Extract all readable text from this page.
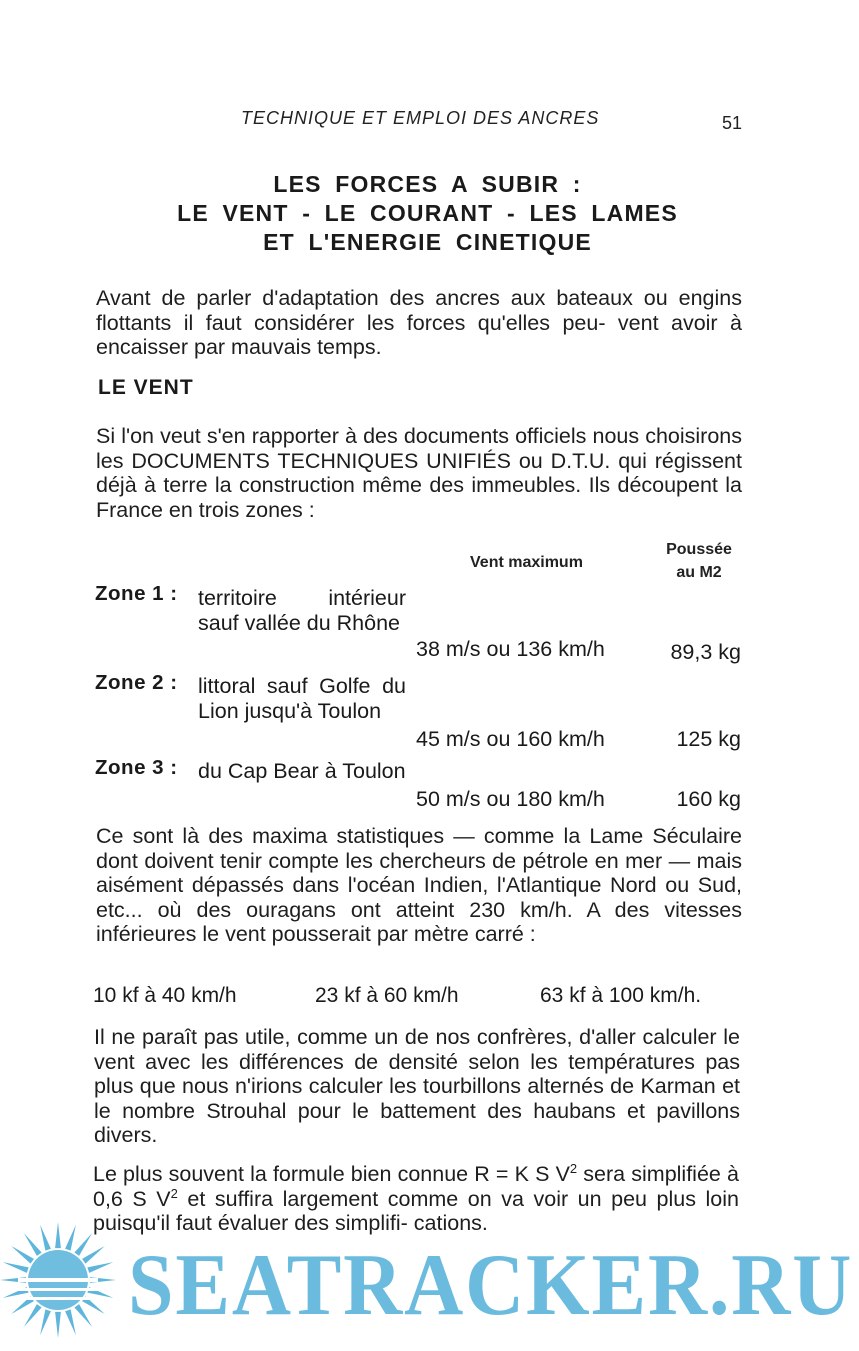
TECHNIQUE ET EMPLOI DES ANCRES	51
LES FORCES A SUBIR :
LE VENT - LE COURANT - LES LAMES
ET L'ENERGIE CINETIQUE

Avant de parler d'adaptation des ancres aux bateaux ou engins flottants il faut considérer les forces qu'elles peu- vent avoir à encaisser par mauvais temps.

LE VENT

Si l'on veut s'en rapporter à des documents officiels nous choisirons les DOCUMENTS TECHNIQUES UNIFIÉS ou D.T.U. qui régissent déjà à terre la construction même des immeubles. Ils découpent la France en trois zones :

Vent maximum
Poussée
au M2
Zone 1 : territoire intérieur sauf vallée du Rhône
38 m/s ou 136 km/h	89,3 kg
Zone 2 : littoral sauf Golfe du Lion jusqu'à Toulon
45 m/s ou 160 km/h	125 kg
Zone 3 : du Cap Bear à Toulon
50 m/s ou 180 km/h	160 kg

Ce sont là des maxima statistiques — comme la Lame Séculaire dont doivent tenir compte les chercheurs de pétrole en mer — mais aisément dépassés dans l'océan Indien, l'Atlantique Nord ou Sud, etc... où des ouragans ont atteint 230 km/h. A des vitesses inférieures le vent pousserait par mètre carré :

10 kf à 40 km/h	23 kf à 60 km/h	63 kf à 100 km/h.

Il ne paraît pas utile, comme un de nos confrères, d'aller calculer le vent avec les différences de densité selon les températures pas plus que nous n'irions calculer les tourbillons alternés de Karman et le nombre Strouhal pour le battement des haubans et pavillons divers.

Le plus souvent la formule bien connue R = K S $V^2$ sera simplifiée à 0,6 S $V^2$ et suffira largement comme on va voir un peu plus loin puisqu'il faut évaluer des simplifi- cations.

SEATRACKER.RU
